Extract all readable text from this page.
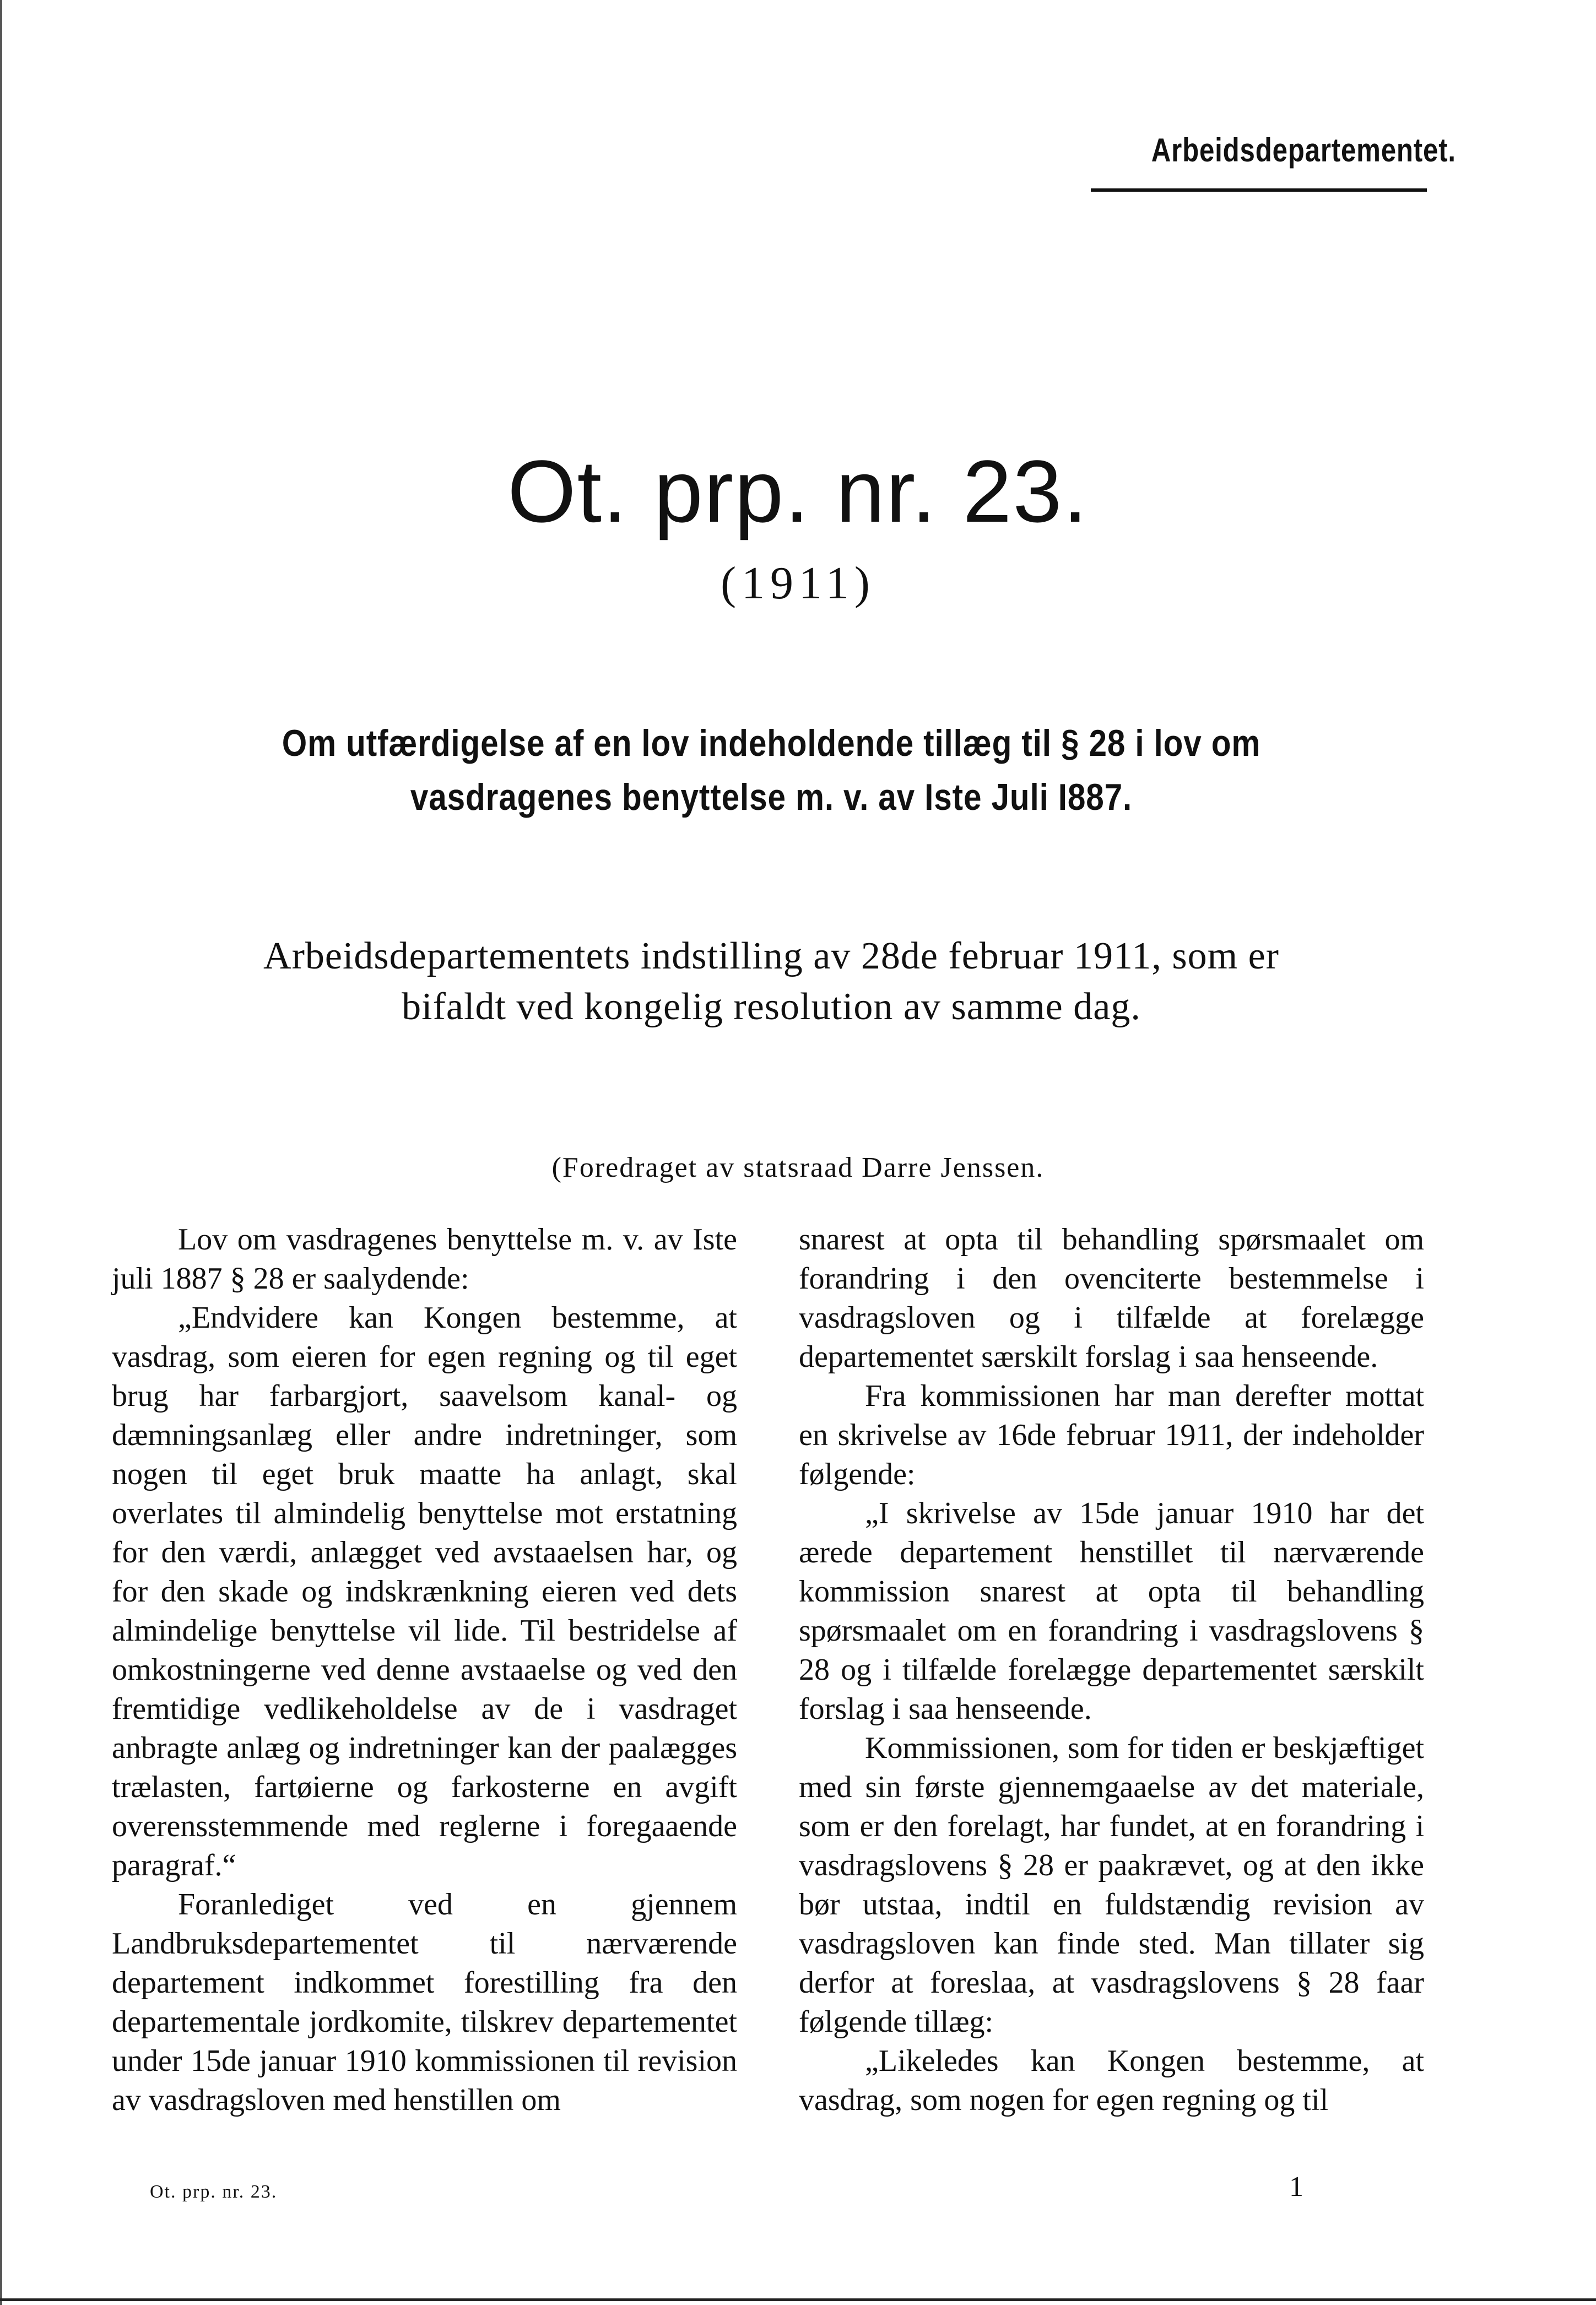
Arbeidsdepartementet.
Ot. prp. nr. 23.
(1911)
Om utfærdigelse af en lov indeholdende tillæg til § 28 i lov om
vasdragenes benyttelse m. v. av Iste Juli I887.
Arbeidsdepartementets indstilling av 28de februar 1911, som er
bifaldt ved kongelig resolution av samme dag.
(Foredraget av statsraad Darre Jenssen.

Lov om vasdragenes benyttelse m. v. av Iste juli 1887 § 28 er saalydende:

„Endvidere kan Kongen bestemme, at vasdrag, som eieren for egen regning og til eget brug har farbargjort, saavelsom kanal- og dæmningsanlæg eller andre indretninger, som nogen til eget bruk maatte ha anlagt, skal overlates til almindelig benyttelse mot erstatning for den værdi, anlægget ved avstaaelsen har, og for den skade og indskrænkning eieren ved dets almindelige benyttelse vil lide. Til bestridelse af omkostningerne ved denne avstaaelse og ved den fremtidige vedlikeholdelse av de i vasdraget anbragte anlæg og indretninger kan der paalægges trælasten, fartøierne og farkosterne en avgift overensstemmende med reglerne i foregaaende paragraf.“

Foranlediget ved en gjennem Landbruksdepartementet til nærværende departement indkommet forestilling fra den departementale jordkomite, tilskrev departementet under 15de januar 1910 kommissionen til revision av vasdragsloven med henstillen om

snarest at opta til behandling spørsmaalet om forandring i den ovenciterte bestemmelse i vasdragsloven og i tilfælde at forelægge departementet særskilt forslag i saa henseende.

Fra kommissionen har man derefter mottat en skrivelse av 16de februar 1911, der indeholder følgende:

„I skrivelse av 15de januar 1910 har det ærede departement henstillet til nærværende kommission snarest at opta til behandling spørsmaalet om en forandring i vasdragslovens § 28 og i tilfælde forelægge departementet særskilt forslag i saa henseende.

Kommissionen, som for tiden er beskjæftiget med sin første gjennemgaaelse av det materiale, som er den forelagt, har fundet, at en forandring i vasdragslovens § 28 er paakrævet, og at den ikke bør utstaa, indtil en fuldstændig revision av vasdragsloven kan finde sted. Man tillater sig derfor at foreslaa, at vasdragslovens § 28 faar følgende tillæg:

„Likeledes kan Kongen bestemme, at vasdrag, som nogen for egen regning og til

Ot. prp. nr. 23.	1
